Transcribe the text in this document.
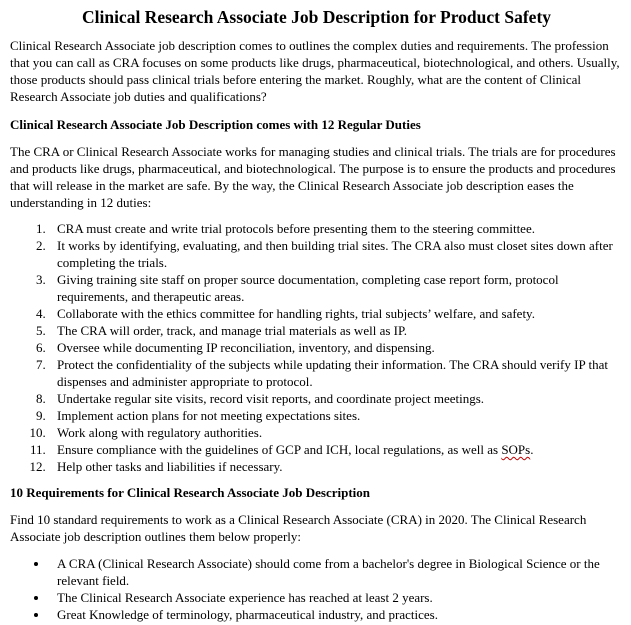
Clinical Research Associate Job Description for Product Safety

Clinical Research Associate job description comes to outlines the complex duties and requirements. The profession that you can call as CRA focuses on some products like drugs, pharmaceutical, biotechnological, and others. Usually, those products should pass clinical trials before entering the market. Roughly, what are the content of Clinical Research Associate job duties and qualifications?

Clinical Research Associate Job Description comes with 12 Regular Duties

The CRA or Clinical Research Associate works for managing studies and clinical trials. The trials are for procedures and products like drugs, pharmaceutical, and biotechnological. The purpose is to ensure the products and procedures that will release in the market are safe. By the way, the Clinical Research Associate job description eases the understanding in 12 duties:

1. CRA must create and write trial protocols before presenting them to the steering committee.
2. It works by identifying, evaluating, and then building trial sites. The CRA also must closet sites down after completing the trials.
3. Giving training site staff on proper source documentation, completing case report form, protocol requirements, and therapeutic areas.
4. Collaborate with the ethics committee for handling rights, trial subjects’ welfare, and safety.
5. The CRA will order, track, and manage trial materials as well as IP.
6. Oversee while documenting IP reconciliation, inventory, and dispensing.
7. Protect the confidentiality of the subjects while updating their information. The CRA should verify IP that dispenses and administer appropriate to protocol.
8. Undertake regular site visits, record visit reports, and coordinate project meetings.
9. Implement action plans for not meeting expectations sites.
10. Work along with regulatory authorities.
11. Ensure compliance with the guidelines of GCP and ICH, local regulations, as well as SOPs.
12. Help other tasks and liabilities if necessary.
10 Requirements for Clinical Research Associate Job Description

Find 10 standard requirements to work as a Clinical Research Associate (CRA) in 2020. The Clinical Research Associate job description outlines them below properly:

• A CRA (Clinical Research Associate) should come from a bachelor's degree in Biological Science or the relevant field.
• The Clinical Research Associate experience has reached at least 2 years.
• Great Knowledge of terminology, pharmaceutical industry, and practices.
